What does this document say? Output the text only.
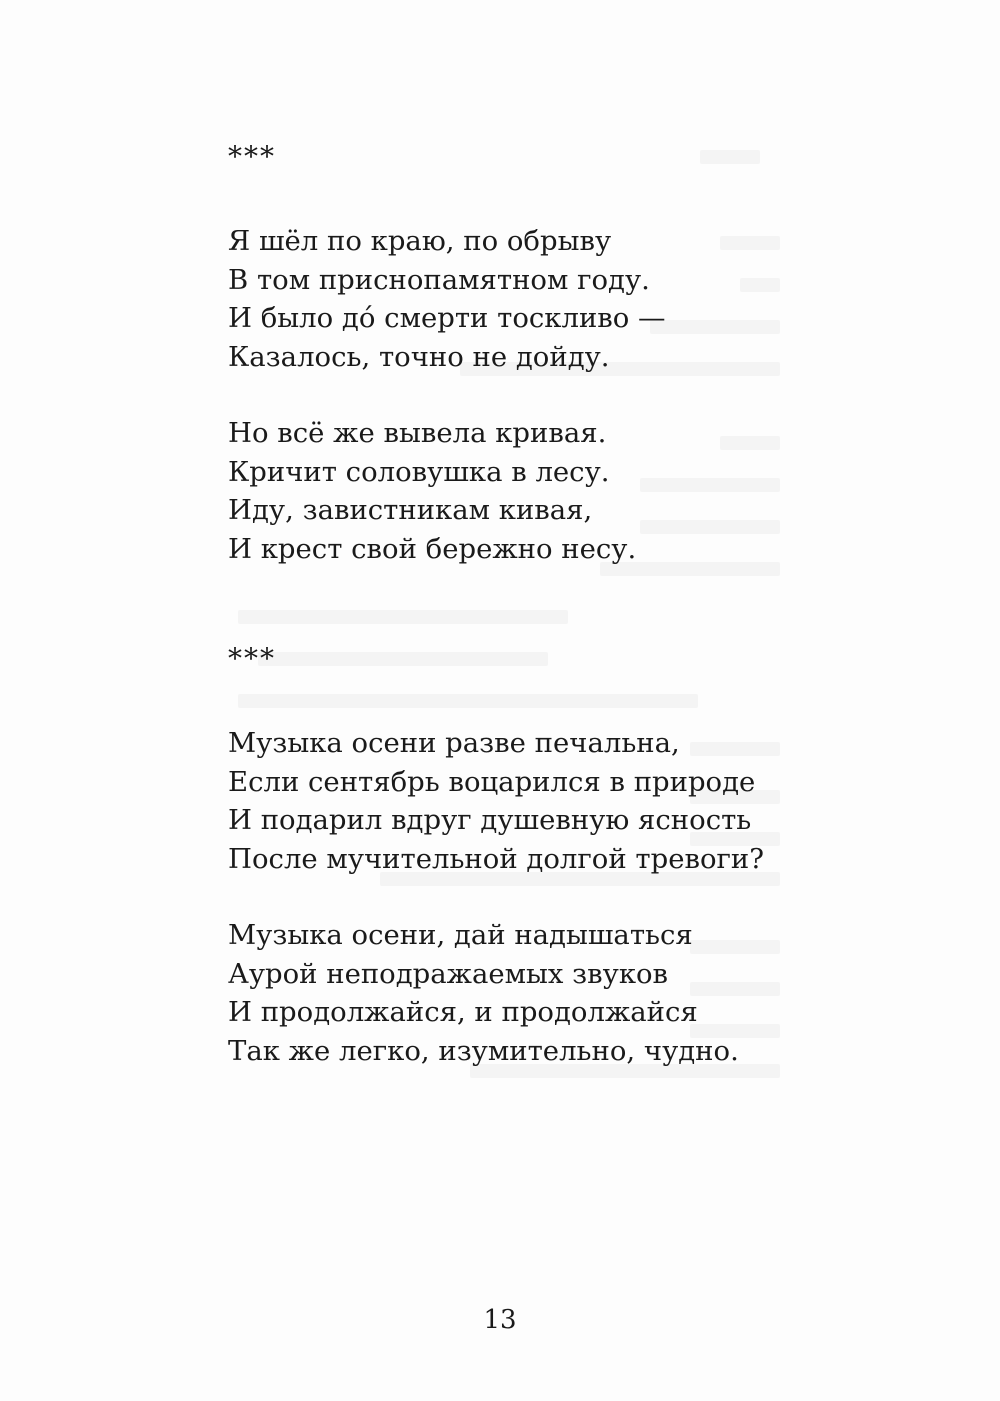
***
Я шёл по краю, по обрыву
В том приснопамятном году.
И было дó смерти тоскливо —
Казалось, точно не дойду.
Но всё же вывела кривая.
Кричит соловушка в лесу.
Иду, завистникам кивая,
И крест свой бережно несу.
***
Музыка осени разве печальна,
Если сентябрь воцарился в природе
И подарил вдруг душевную ясность
После мучительной долгой тревоги?
Музыка осени, дай надышаться
Аурой неподражаемых звуков
И продолжайся, и продолжайся
Так же легко, изумительно, чудно.
13
